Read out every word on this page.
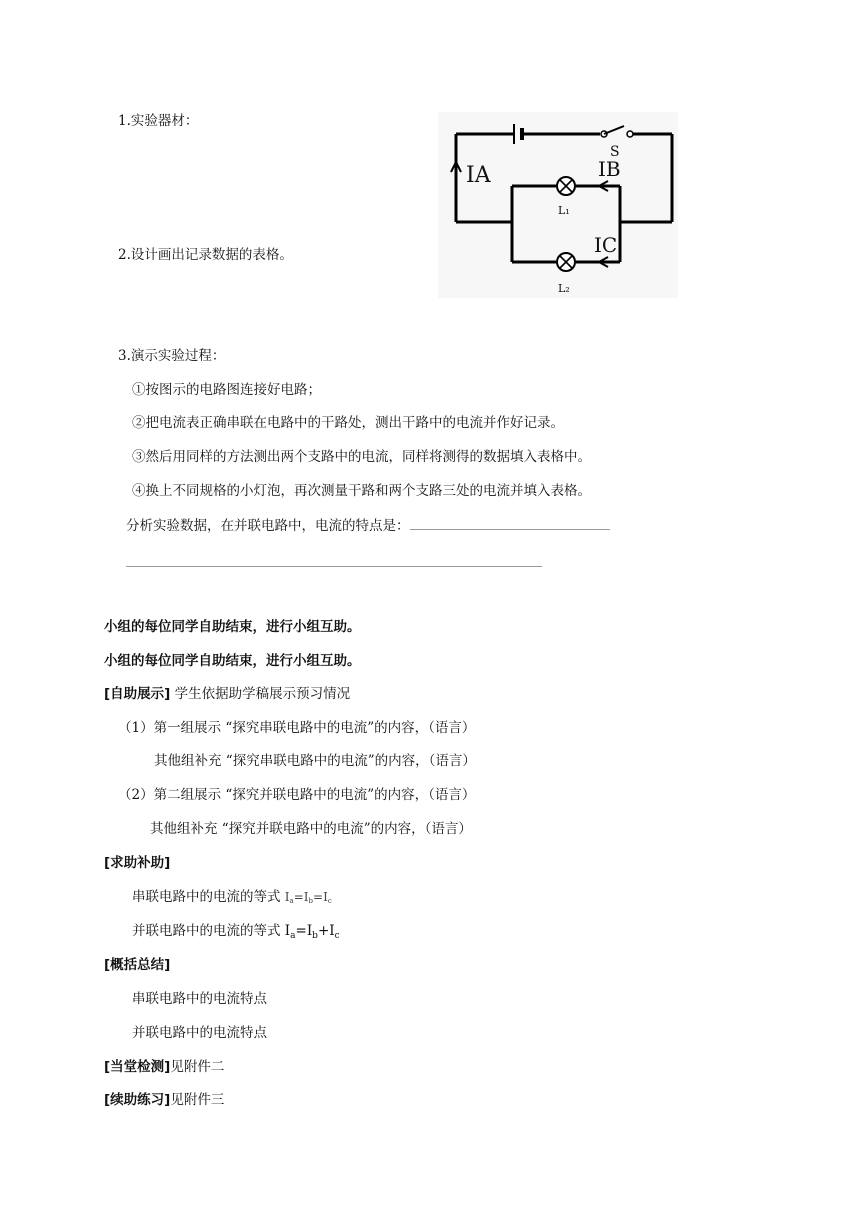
1.实验器材：
IA	IB
IC
S
L₁
L₂
2.设计画出记录数据的表格。
3.演示实验过程：
①按图示的电路图连接好电路；
②把电流表正确串联在电路中的干路处，测出干路中的电流并作好记录。
③然后用同样的方法测出两个支路中的电流，同样将测得的数据填入表格中。
④换上不同规格的小灯泡，再次测量干路和两个支路三处的电流并填入表格。
分析实验数据，在并联电路中，电流的特点是：
小组的每位同学自助结束，进行小组互助。
小组的每位同学自助结束，进行小组互助。
[自助展示] 学生依据助学稿展示预习情况
（1）第一组展示 “探究串联电路中的电流”的内容，（语言）
其他组补充 “探究串联电路中的电流”的内容，（语言）
（2）第二组展示 “探究并联电路中的电流”的内容，（语言）
其他组补充 “探究并联电路中的电流”的内容，（语言）
[求助补助]
串联电路中的电流的等式 $I_a=I_b=I_c$
并联电路中的电流的等式 $I_a=I_b+I_c$
[概括总结]
串联电路中的电流特点
并联电路中的电流特点
[当堂检测]见附件二
[续助练习]见附件三
